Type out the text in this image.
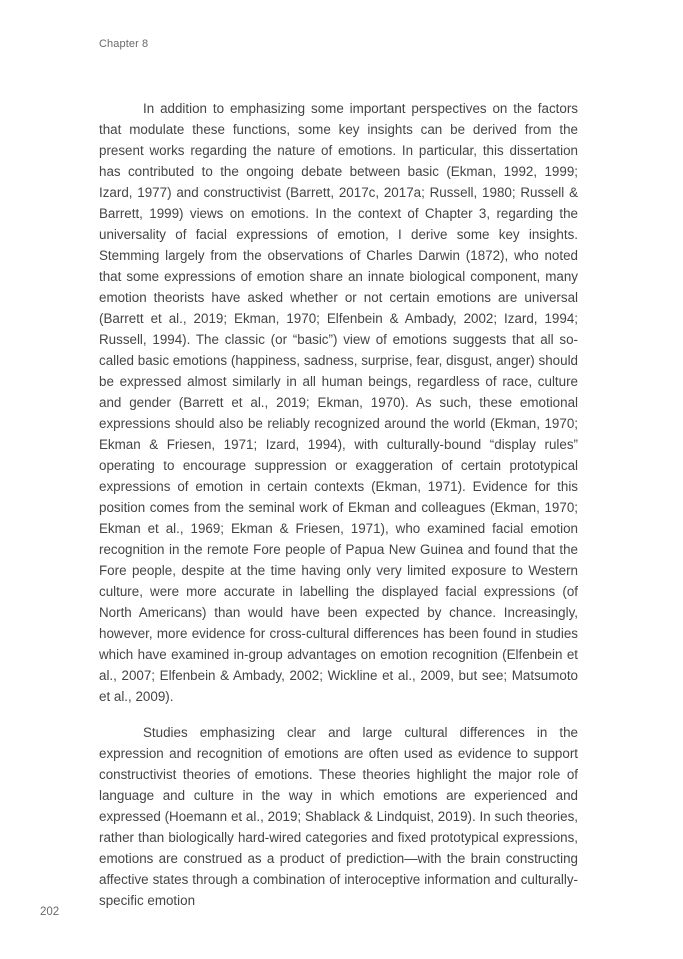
Chapter 8

In addition to emphasizing some important perspectives on the factors that modulate these functions, some key insights can be derived from the present works regarding the nature of emotions. In particular, this dissertation has contributed to the ongoing debate between basic (Ekman, 1992, 1999; Izard, 1977) and constructivist (Barrett, 2017c, 2017a; Russell, 1980; Russell & Barrett, 1999) views on emotions. In the context of Chapter 3, regarding the universality of facial expressions of emotion, I derive some key insights. Stemming largely from the observations of Charles Darwin (1872), who noted that some expressions of emotion share an innate biological component, many emotion theorists have asked whether or not certain emotions are universal (Barrett et al., 2019; Ekman, 1970; Elfenbein & Ambady, 2002; Izard, 1994; Russell, 1994). The classic (or “basic”) view of emotions suggests that all so-called basic emotions (happiness, sadness, surprise, fear, disgust, anger) should be expressed almost similarly in all human beings, regardless of race, culture and gender (Barrett et al., 2019; Ekman, 1970). As such, these emotional expressions should also be reliably recognized around the world (Ekman, 1970; Ekman & Friesen, 1971; Izard, 1994), with culturally-bound “display rules” operating to encourage suppression or exaggeration of certain prototypical expressions of emotion in certain contexts (Ekman, 1971). Evidence for this position comes from the seminal work of Ekman and colleagues (Ekman, 1970; Ekman et al., 1969; Ekman & Friesen, 1971), who examined facial emotion recognition in the remote Fore people of Papua New Guinea and found that the Fore people, despite at the time having only very limited exposure to Western culture, were more accurate in labelling the displayed facial expressions (of North Americans) than would have been expected by chance. Increasingly, however, more evidence for cross-cultural differences has been found in studies which have examined in-group advantages on emotion recognition (Elfenbein et al., 2007; Elfenbein & Ambady, 2002; Wickline et al., 2009, but see; Matsumoto et al., 2009).

Studies emphasizing clear and large cultural differences in the expression and recognition of emotions are often used as evidence to support constructivist theories of emotions. These theories highlight the major role of language and culture in the way in which emotions are experienced and expressed (Hoemann et al., 2019; Shablack & Lindquist, 2019). In such theories, rather than biologically hard-wired categories and fixed prototypical expressions, emotions are construed as a product of prediction—with the brain constructing affective states through a combination of interoceptive information and culturally-specific emotion

202
